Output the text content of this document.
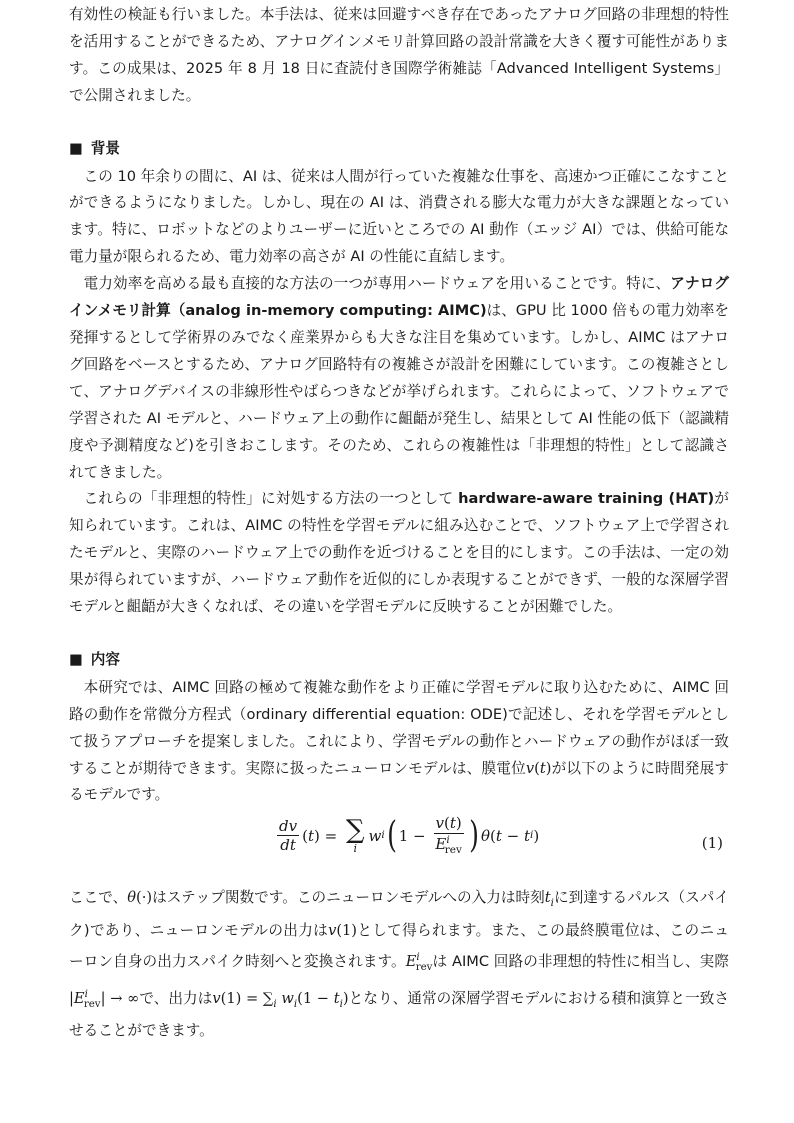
有効性の検証も行いました。本手法は、従来は回避すべき存在であったアナログ回路の非理想的特性を活用することができるため、アナログインメモリ計算回路の設計常識を大きく覆す可能性があります。この成果は、2025 年 8 月 18 日に査読付き国際学術雑誌「Advanced Intelligent Systems」で公開されました。

■ 背景

この 10 年余りの間に、AI は、従来は人間が行っていた複雑な仕事を、高速かつ正確にこなすことができるようになりました。しかし、現在の AI は、消費される膨大な電力が大きな課題となっています。特に、ロボットなどのよりユーザーに近いところでの AI 動作（エッジ AI）では、供給可能な電力量が限られるため、電力効率の高さが AI の性能に直結します。

電力効率を高める最も直接的な方法の一つが専用ハードウェアを用いることです。特に、アナログインメモリ計算（analog in-memory computing: AIMC)は、GPU 比 1000 倍もの電力効率を発揮するとして学術界のみでなく産業界からも大きな注目を集めています。しかし、AIMC はアナログ回路をベースとするため、アナログ回路特有の複雑さが設計を困難にしています。この複雑さとして、アナログデバイスの非線形性やばらつきなどが挙げられます。これらによって、ソフトウェアで学習された AI モデルと、ハードウェア上の動作に齟齬が発生し、結果として AI 性能の低下（認識精度や予測精度など)を引きおこします。そのため、これらの複雑性は「非理想的特性」として認識されてきました。

これらの「非理想的特性」に対処する方法の一つとして hardware-aware training (HAT)が知られています。これは、AIMC の特性を学習モデルに組み込むことで、ソフトウェア上で学習されたモデルと、実際のハードウェア上での動作を近づけることを目的にします。この手法は、一定の効果が得られていますが、ハードウェア動作を近似的にしか表現することができず、一般的な深層学習モデルと齟齬が大きくなれば、その違いを学習モデルに反映することが困難でした。

■ 内容

本研究では、AIMC 回路の極めて複雑な動作をより正確に学習モデルに取り込むために、AIMC 回路の動作を常微分方程式（ordinary differential equation: ODE)で記述し、それを学習モデルとして扱うアプローチを提案しました。これにより、学習モデルの動作とハードウェアの動作がほぼ一致することが期待できます。実際に扱ったニューロンモデルは、膜電位v(t)が以下のように時間発展するモデルです。

$\frac{dv}{dt}$ ( t ) = ∑
i
w i ( $1 - \frac{v(t)}{E^i_{rev}}$ ) θ ( t − t i )	(1)

ここで、θ(·)はステップ関数です。このニューロンモデルへの入力は時刻$t_i$に到達するパルス（スパイク)であり、ニューロンモデルの出力はv(1)として得られます。また、この最終膜電位は、このニューロン自身の出力スパイク時刻へと変換されます。$E^i_{rev}$は AIMC 回路の非理想的特性に相当し、実際　$|E^i_{rev}|$ → ∞で、出力は$v(1) = \sum_i$ $w_i(1 - t_i)$となり、通常の深層学習モデルにおける積和演算と一致させることができます。
